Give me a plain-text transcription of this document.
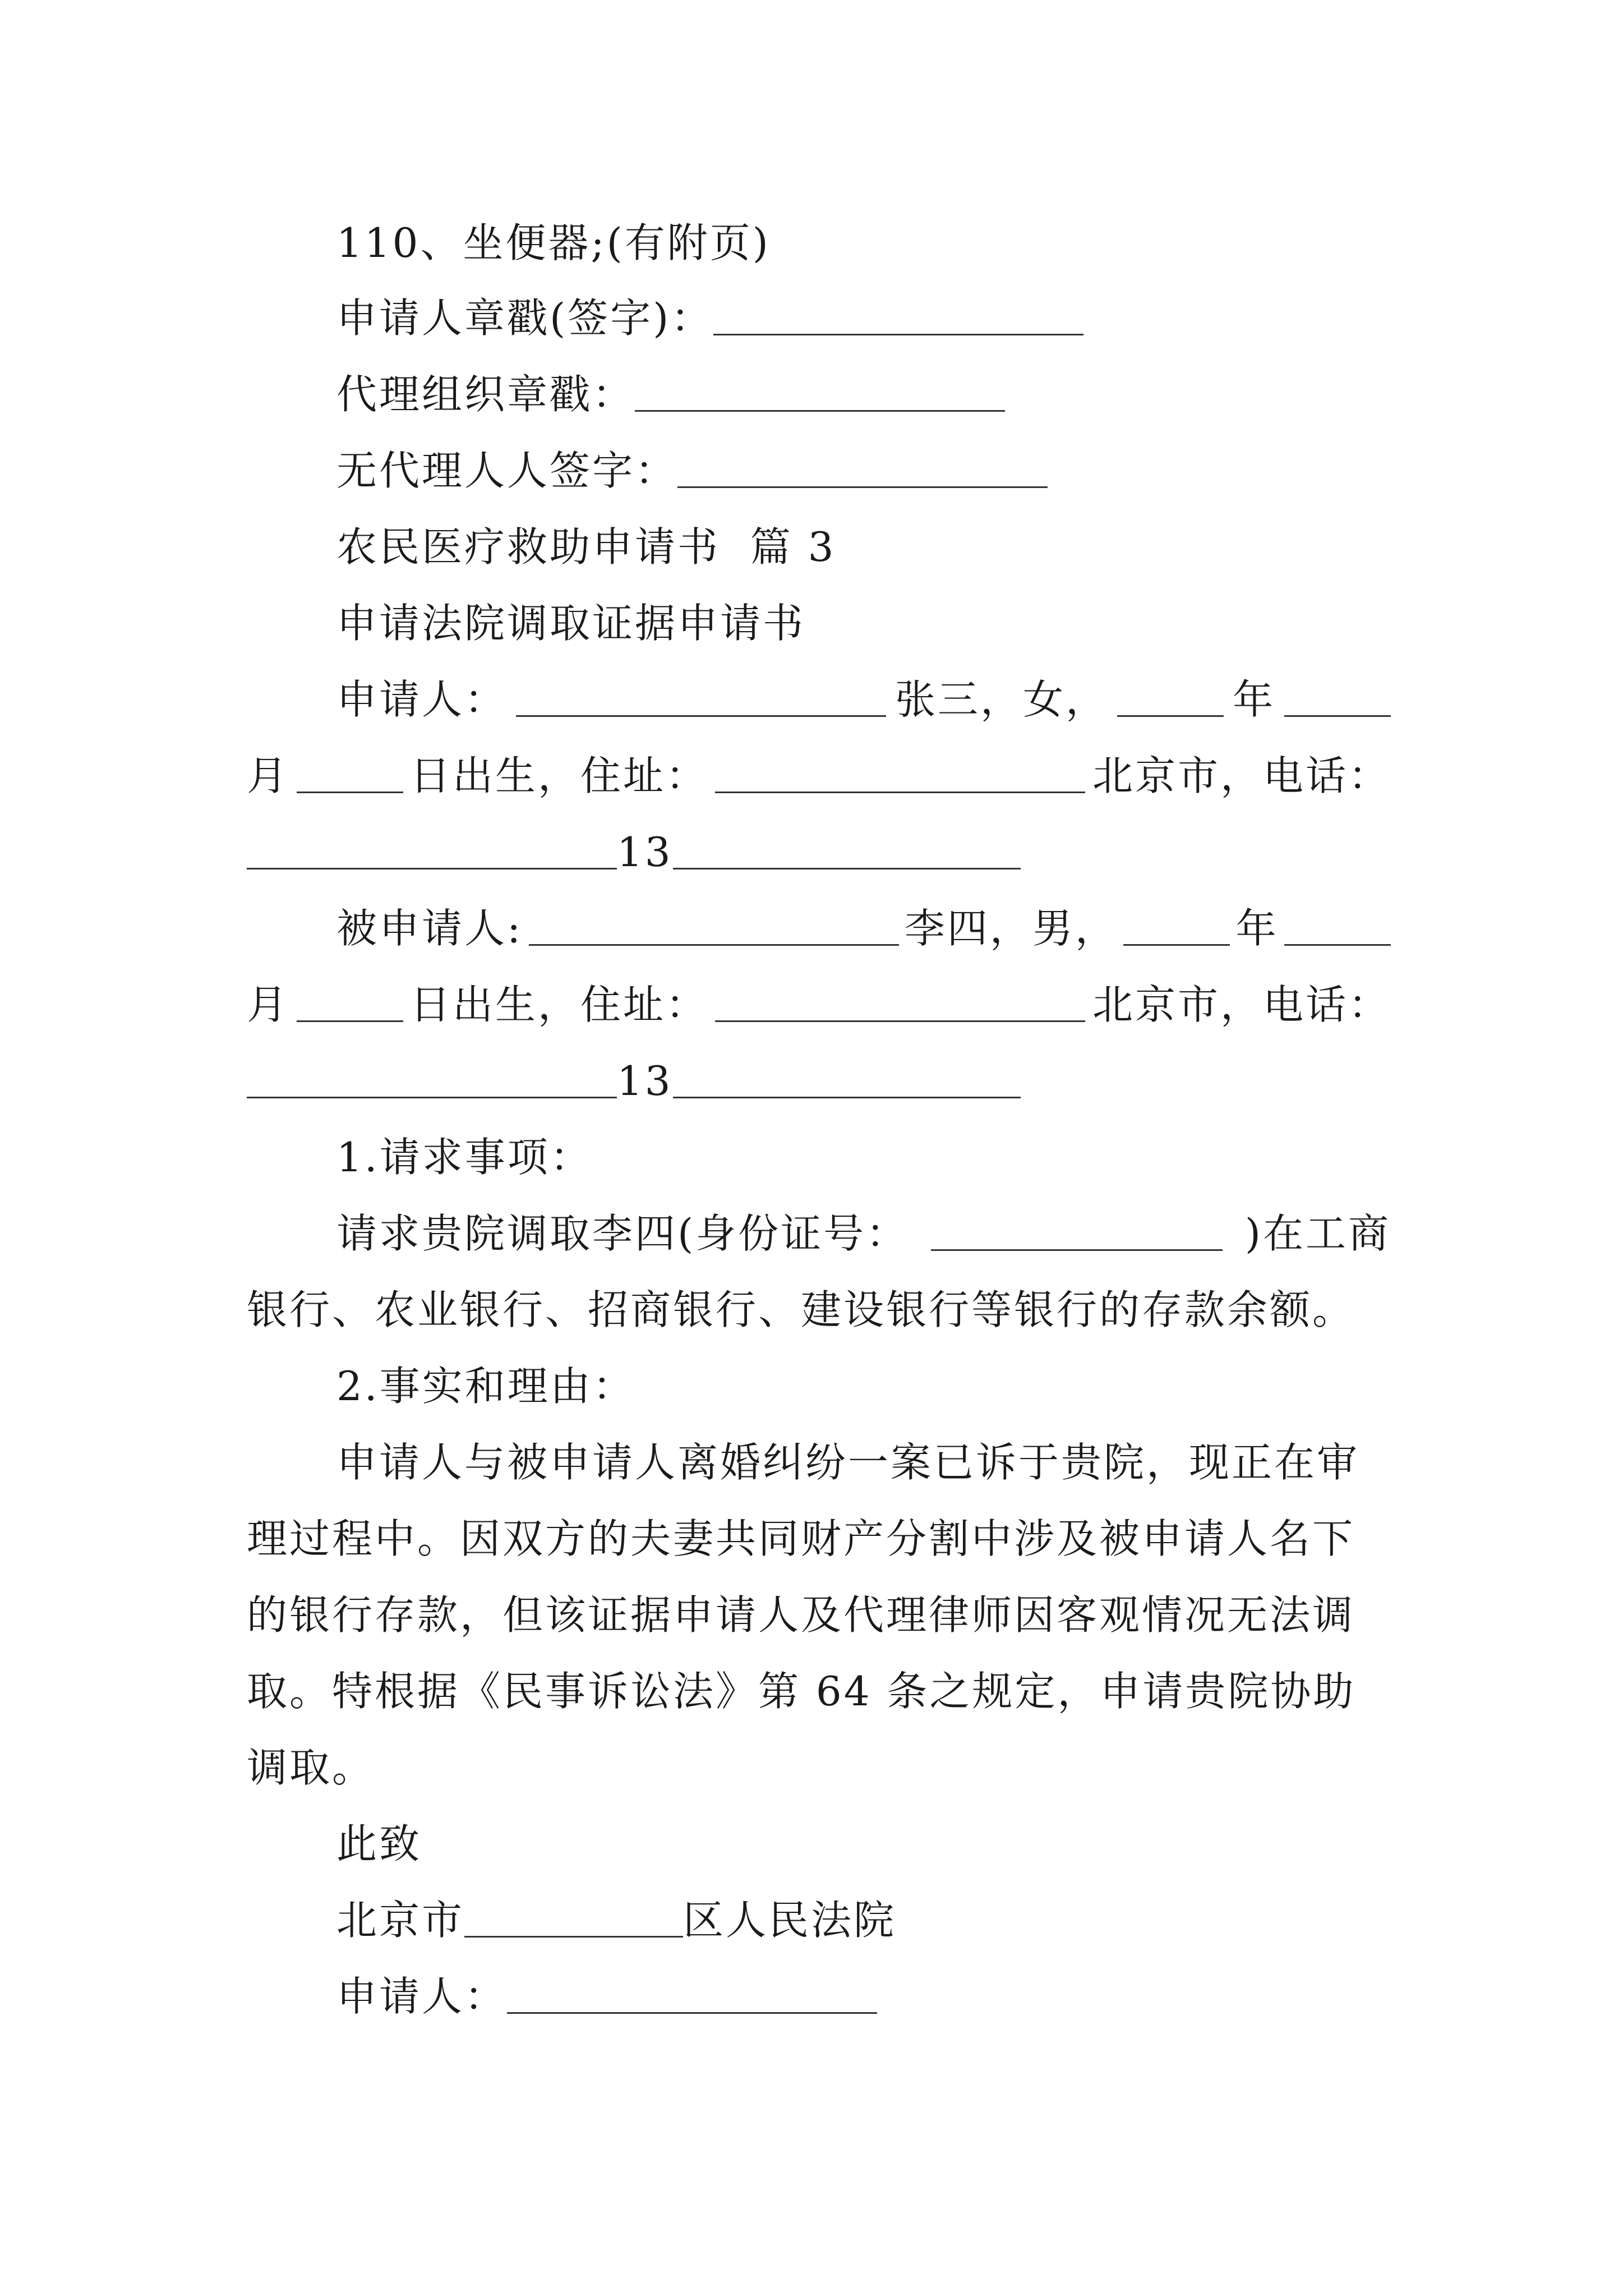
110、坐便器;(有附页)
申请人章戳(签字)：
代理组织章戳：
无代理人人签字：
农民医疗救助申请书  篇 3
申请法院调取证据申请书
申请人：	张三，女，	年
月	日出生，住址：	北京市，电话：
13
被申请人:	李四，男，	年
月	日出生，住址：	北京市，电话：
13
1.请求事项：
请求贵院调取李四(身份证号：	)在工商
银行、农业银行、招商银行、建设银行等银行的存款余额。
2.事实和理由：
申请人与被申请人离婚纠纷一案已诉于贵院，现正在审
理过程中。因双方的夫妻共同财产分割中涉及被申请人名下
的银行存款，但该证据申请人及代理律师因客观情况无法调
取。特根据《民事诉讼法》第 64 条之规定，申请贵院协助
调取。
此致
北京市	区人民法院
申请人：
